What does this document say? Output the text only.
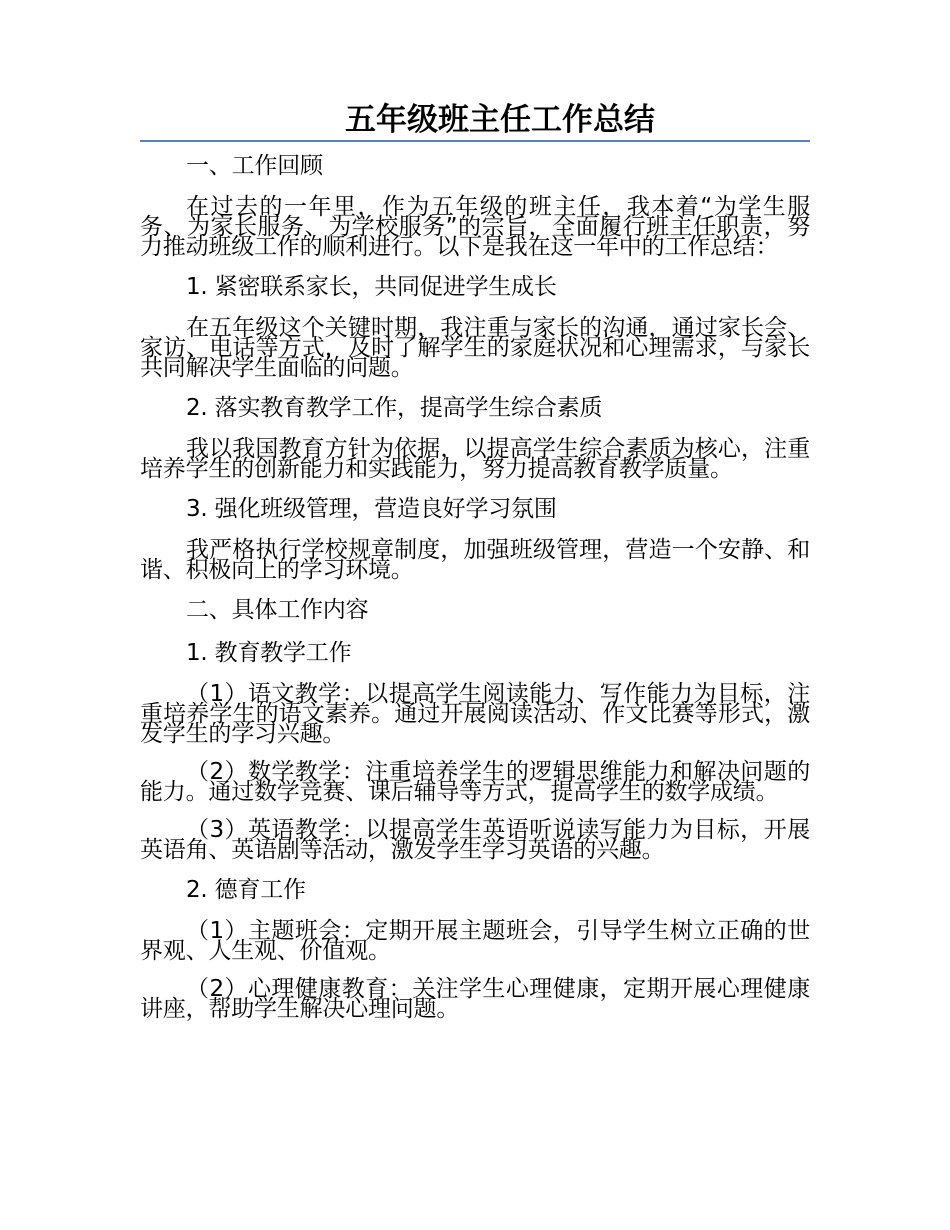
五年级班主任工作总结
一、工作回顾
在过去的一年里，作为五年级的班主任，我本着“为学生服务、为家长服务、为学校服务”的宗旨，全面履行班主任职责，努力推动班级工作的顺利进行。以下是我在这一年中的工作总结：
1. 紧密联系家长，共同促进学生成长
在五年级这个关键时期，我注重与家长的沟通，通过家长会、家访、电话等方式，及时了解学生的家庭状况和心理需求，与家长共同解决学生面临的问题。
2. 落实教育教学工作，提高学生综合素质
我以我国教育方针为依据，以提高学生综合素质为核心，注重培养学生的创新能力和实践能力，努力提高教育教学质量。
3. 强化班级管理，营造良好学习氛围
我严格执行学校规章制度，加强班级管理，营造一个安静、和谐、积极向上的学习环境。
二、具体工作内容
1. 教育教学工作
（1）语文教学：以提高学生阅读能力、写作能力为目标，注重培养学生的语文素养。通过开展阅读活动、作文比赛等形式，激发学生的学习兴趣。
（2）数学教学：注重培养学生的逻辑思维能力和解决问题的能力。通过数学竞赛、课后辅导等方式，提高学生的数学成绩。
（3）英语教学：以提高学生英语听说读写能力为目标，开展英语角、英语剧等活动，激发学生学习英语的兴趣。
2. 德育工作
（1）主题班会：定期开展主题班会，引导学生树立正确的世界观、人生观、价值观。
（2）心理健康教育：关注学生心理健康，定期开展心理健康讲座，帮助学生解决心理问题。
